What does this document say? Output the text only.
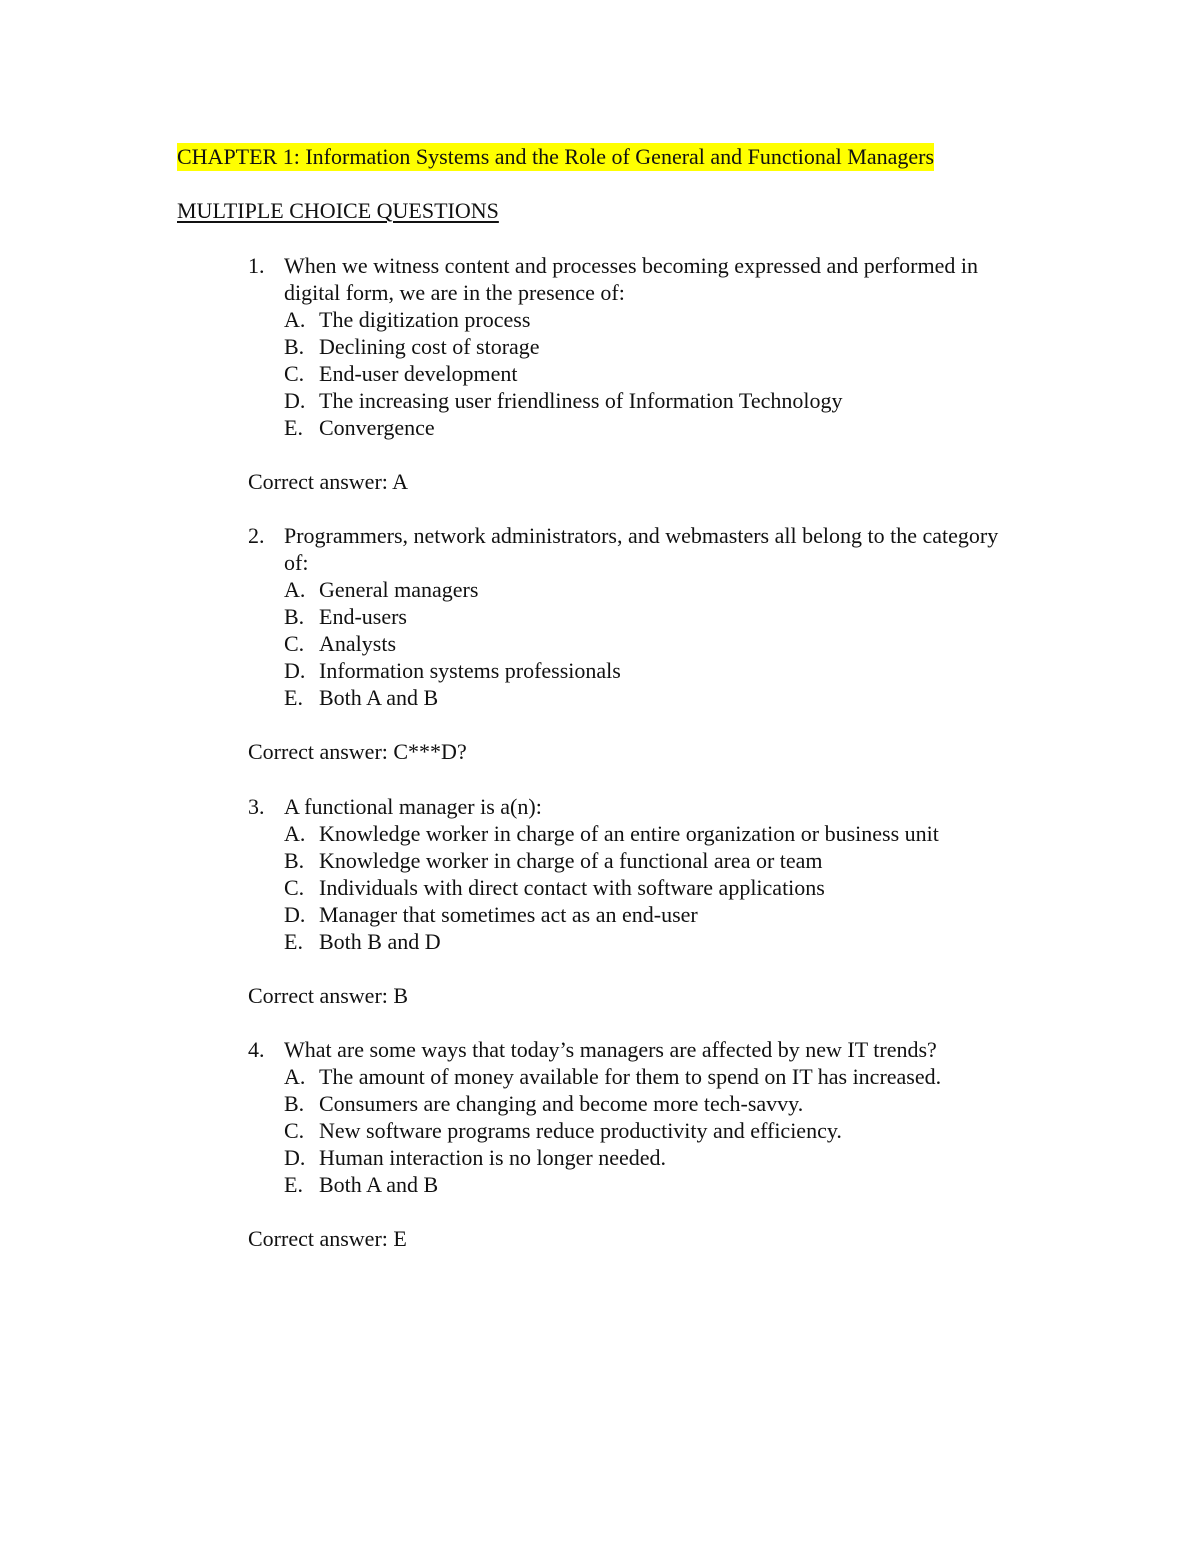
CHAPTER 1: Information Systems and the Role of General and Functional Managers
MULTIPLE CHOICE QUESTIONS
1. When we witness content and processes becoming expressed and performed in digital form, we are in the presence of:
A. The digitization process
B. Declining cost of storage
C. End-user development
D. The increasing user friendliness of Information Technology
E. Convergence
Correct answer: A
2. Programmers, network administrators, and webmasters all belong to the category of:
A. General managers
B. End-users
C. Analysts
D. Information systems professionals
E. Both A and B
Correct answer: C***D?
3. A functional manager is a(n):
A. Knowledge worker in charge of an entire organization or business unit
B. Knowledge worker in charge of a functional area or team
C. Individuals with direct contact with software applications
D. Manager that sometimes act as an end-user
E. Both B and D
Correct answer: B
4. What are some ways that today’s managers are affected by new IT trends?
A. The amount of money available for them to spend on IT has increased.
B. Consumers are changing and become more tech-savvy.
C. New software programs reduce productivity and efficiency.
D. Human interaction is no longer needed.
E. Both A and B
Correct answer: E
